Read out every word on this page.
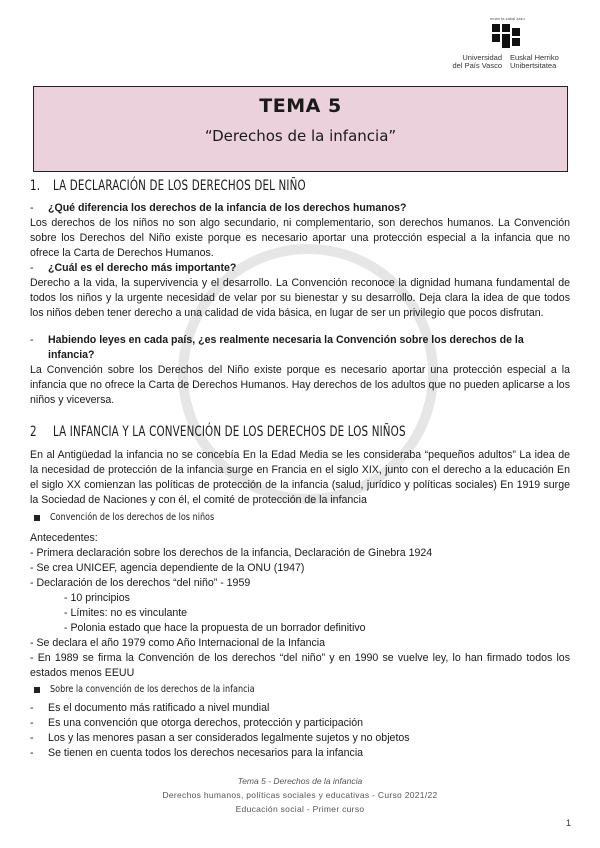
eman ta zabal zazu
Universidad
del País Vasco
Euskal Herriko
Unibertsitatea
TEMA 5
“Derechos de la infancia”
1. LA DECLARACIÓN DE LOS DERECHOS DEL NIÑO
- ¿Qué diferencia los derechos de la infancia de los derechos humanos?

Los derechos de los niños no son algo secundario, ni complementario, son derechos humanos. La Convención sobre los Derechos del Niño existe porque es necesario aportar una protección especial a la infancia que no ofrece la Carta de Derechos Humanos.

- ¿Cuál es el derecho más importante?

Derecho a la vida, la supervivencia y el desarrollo. La Convención reconoce la dignidad humana fundamental de todos los niños y la urgente necesidad de velar por su bienestar y su desarrollo. Deja clara la idea de que todos los niños deben tener derecho a una calidad de vida básica, en lugar de ser un privilegio que pocos disfrutan.

- Habiendo leyes en cada país, ¿es realmente necesaria la Convención sobre los derechos de la infancia?

La Convención sobre los Derechos del Niño existe porque es necesario aportar una protección especial a la infancia que no ofrece la Carta de Derechos Humanos. Hay derechos de los adultos que no pueden aplicarse a los niños y viceversa.

2 LA INFANCIA Y LA CONVENCIÓN DE LOS DERECHOS DE LOS NIÑOS

En al Antigüedad la infancia no se concebía En la Edad Media se les consideraba “pequeños adultos” La idea de la necesidad de protección de la infancia surge en Francia en el siglo XIX, junto con el derecho a la educación En el siglo XX comienzan las políticas de protección de la infancia (salud, jurídico y políticas sociales) En 1919 surge la Sociedad de Naciones y con él, el comité de protección de la infancia

Convención de los derechos de los niños
Antecedentes:
- Primera declaración sobre los derechos de la infancia, Declaración de Ginebra 1924
- Se crea UNICEF, agencia dependiente de la ONU (1947)
- Declaración de los derechos “del niño” - 1959
- 10 principios
- Límites: no es vinculante
- Polonia estado que hace la propuesta de un borrador definitivo
- Se declara el año 1979 como Año Internacional de la Infancia

- En 1989 se firma la Convención de los derechos “del niño” y en 1990 se vuelve ley, lo han firmado todos los estados menos EEUU

Sobre la convención de los derechos de la infancia
- Es el documento más ratificado a nivel mundial
- Es una convención que otorga derechos, protección y participación
- Los y las menores pasan a ser considerados legalmente sujetos y no objetos
- Se tienen en cuenta todos los derechos necesarios para la infancia
Tema 5 - Derechos de la infancia
Derechos humanos, políticas sociales y educativas - Curso 2021/22
Educación social - Primer curso
1
